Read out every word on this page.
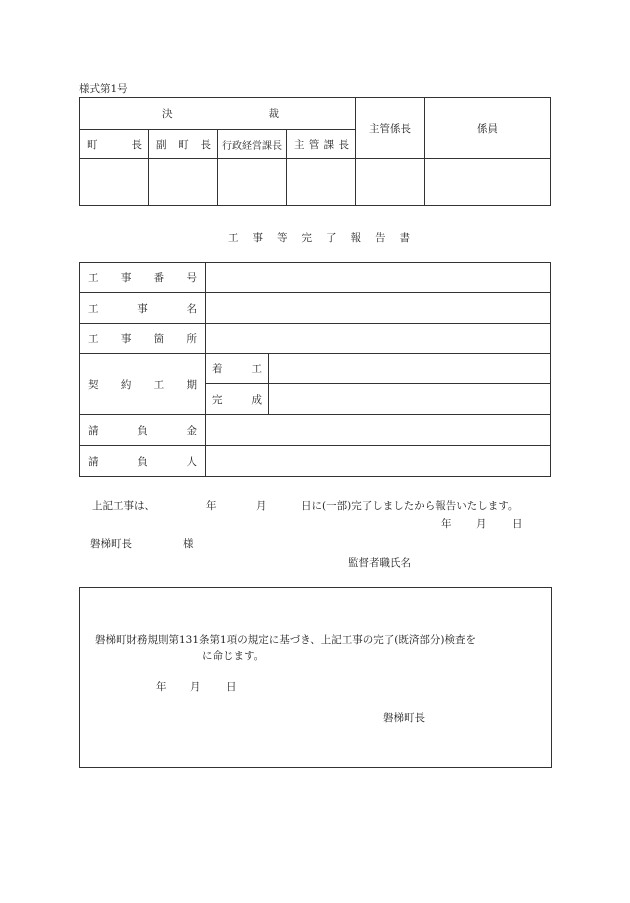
様式第1号
決 裁				主管係長	係員

町 長	副 町 長	行政経営課長	主 管 課 長		

工 事 等 完 了 報 告 書
工 事 番 号		

工 事 名		

工 事 箇 所		

契 約 工 期	着 工	

	完 成	

請 負 金		

請 負 人		

上記工事は、	年	月	日に(一部)完了しましたから報告いたします。
年 月 日
磐梯町長	様
監督者職氏名
磐梯町財務規則第131条第1項の規定に基づき、上記工事の完了(既済部分)検査を
に命じます。
年 月 日
磐梯町長
